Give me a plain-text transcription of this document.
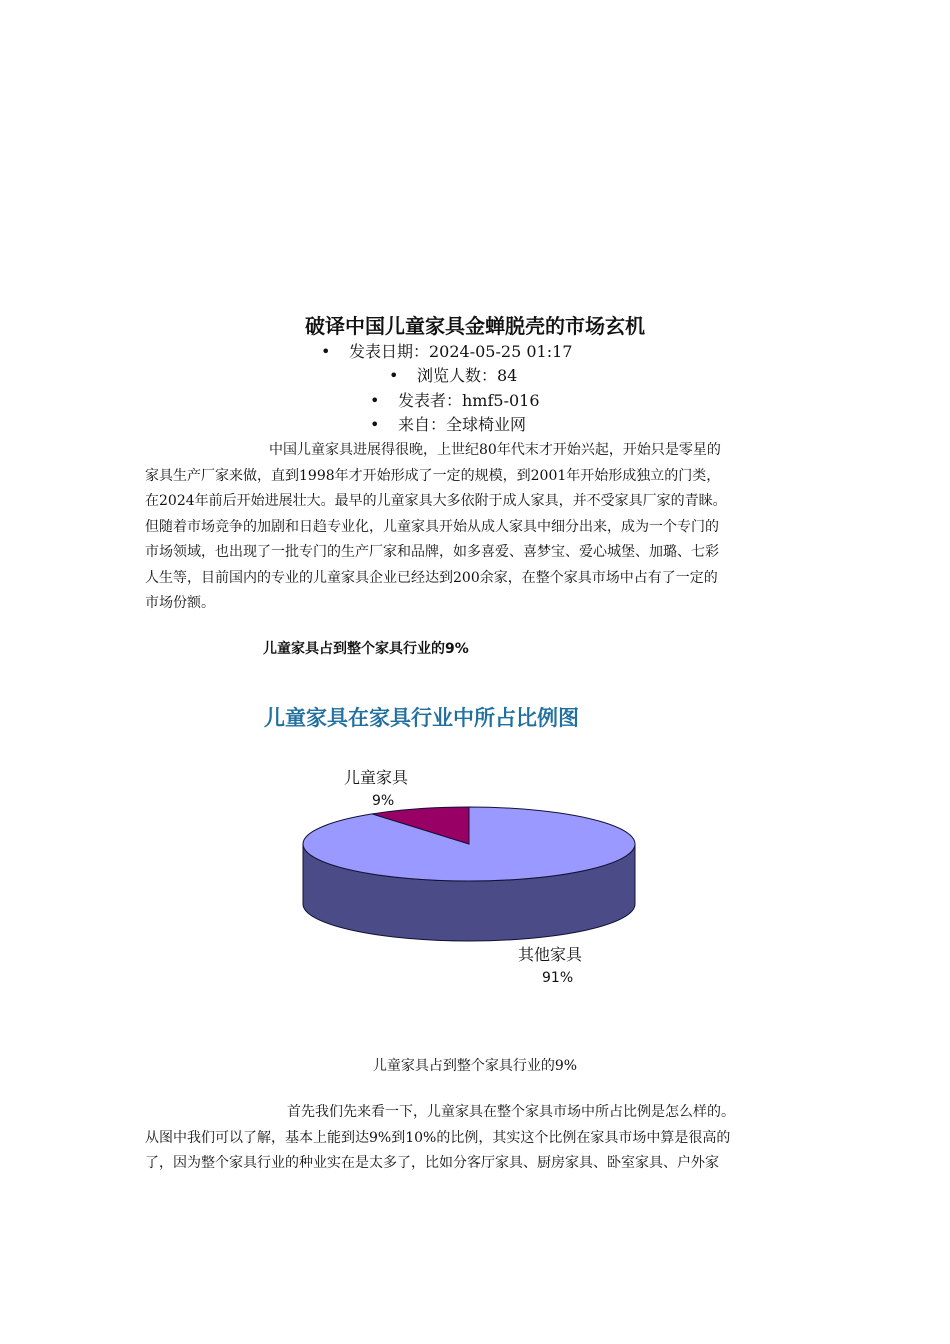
破译中国儿童家具金蝉脱壳的市场玄机
• 发表日期：2024-05-25 01:17
• 浏览人数：84
• 发表者：hmf5-016
• 来自：全球椅业网
中国儿童家具进展得很晚，上世纪80年代末才开始兴起，开始只是零星的
家具生产厂家来做，直到1998年才开始形成了一定的规模，到2001年开始形成独立的门类，
在2024年前后开始进展壮大。最早的儿童家具大多依附于成人家具，并不受家具厂家的青睐。
但随着市场竞争的加剧和日趋专业化，儿童家具开始从成人家具中细分出来，成为一个专门的
市场领域，也出现了一批专门的生产厂家和品牌，如多喜爱、喜梦宝、爱心城堡、加璐、七彩
人生等，目前国内的专业的儿童家具企业已经达到200余家，在整个家具市场中占有了一定的
市场份额。
儿童家具占到整个家具行业的9%
儿童家具在家具行业中所占比例图
儿童家具
9%
其他家具
91%
儿童家具占到整个家具行业的9%
首先我们先来看一下，儿童家具在整个家具市场中所占比例是怎么样的。
从图中我们可以了解，基本上能到达9%到10%的比例，其实这个比例在家具市场中算是很高的
了，因为整个家具行业的种业实在是太多了，比如分客厅家具、厨房家具、卧室家具、户外家
